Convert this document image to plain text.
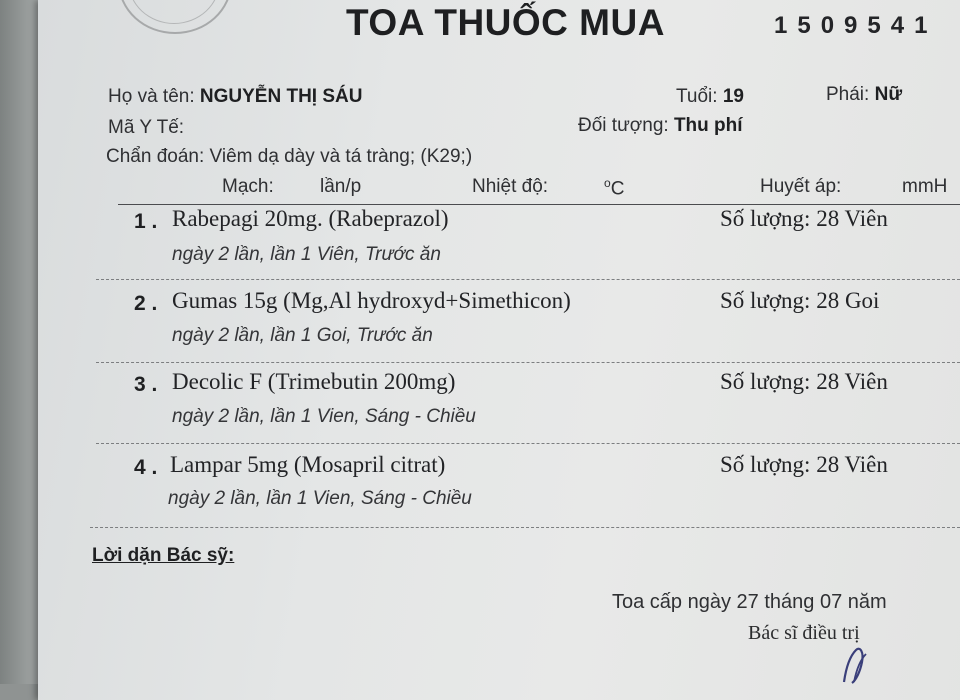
TOA THUỐC MUA	1509541
Họ và tên: NGUYỄN THỊ SÁU	Tuổi: 19	Phái: Nữ
Mã Y Tế:	Đối tượng: Thu phí
Chẩn đoán: Viêm dạ dày và tá tràng; (K29;)
Mạch: lần/p	Nhiệt độ:	$^o$C	Huyết áp:	mmH
1 . Rabepagi 20mg. (Rabeprazol)	Số lượng: 28 Viên
ngày 2 lần, lần 1 Viên, Trước ăn
2 . Gumas 15g (Mg,Al hydroxyd+Simethicon)	Số lượng: 28 Goi
ngày 2 lần, lần 1 Goi, Trước ăn
3 . Decolic F (Trimebutin 200mg)	Số lượng: 28 Viên
ngày 2 lần, lần 1 Vien, Sáng - Chiều
4 . Lampar 5mg (Mosapril citrat)	Số lượng: 28 Viên
ngày 2 lần, lần 1 Vien, Sáng - Chiều
Lời dặn Bác sỹ:
Toa cấp ngày 27 tháng 07 năm
Bác sĩ điều trị
